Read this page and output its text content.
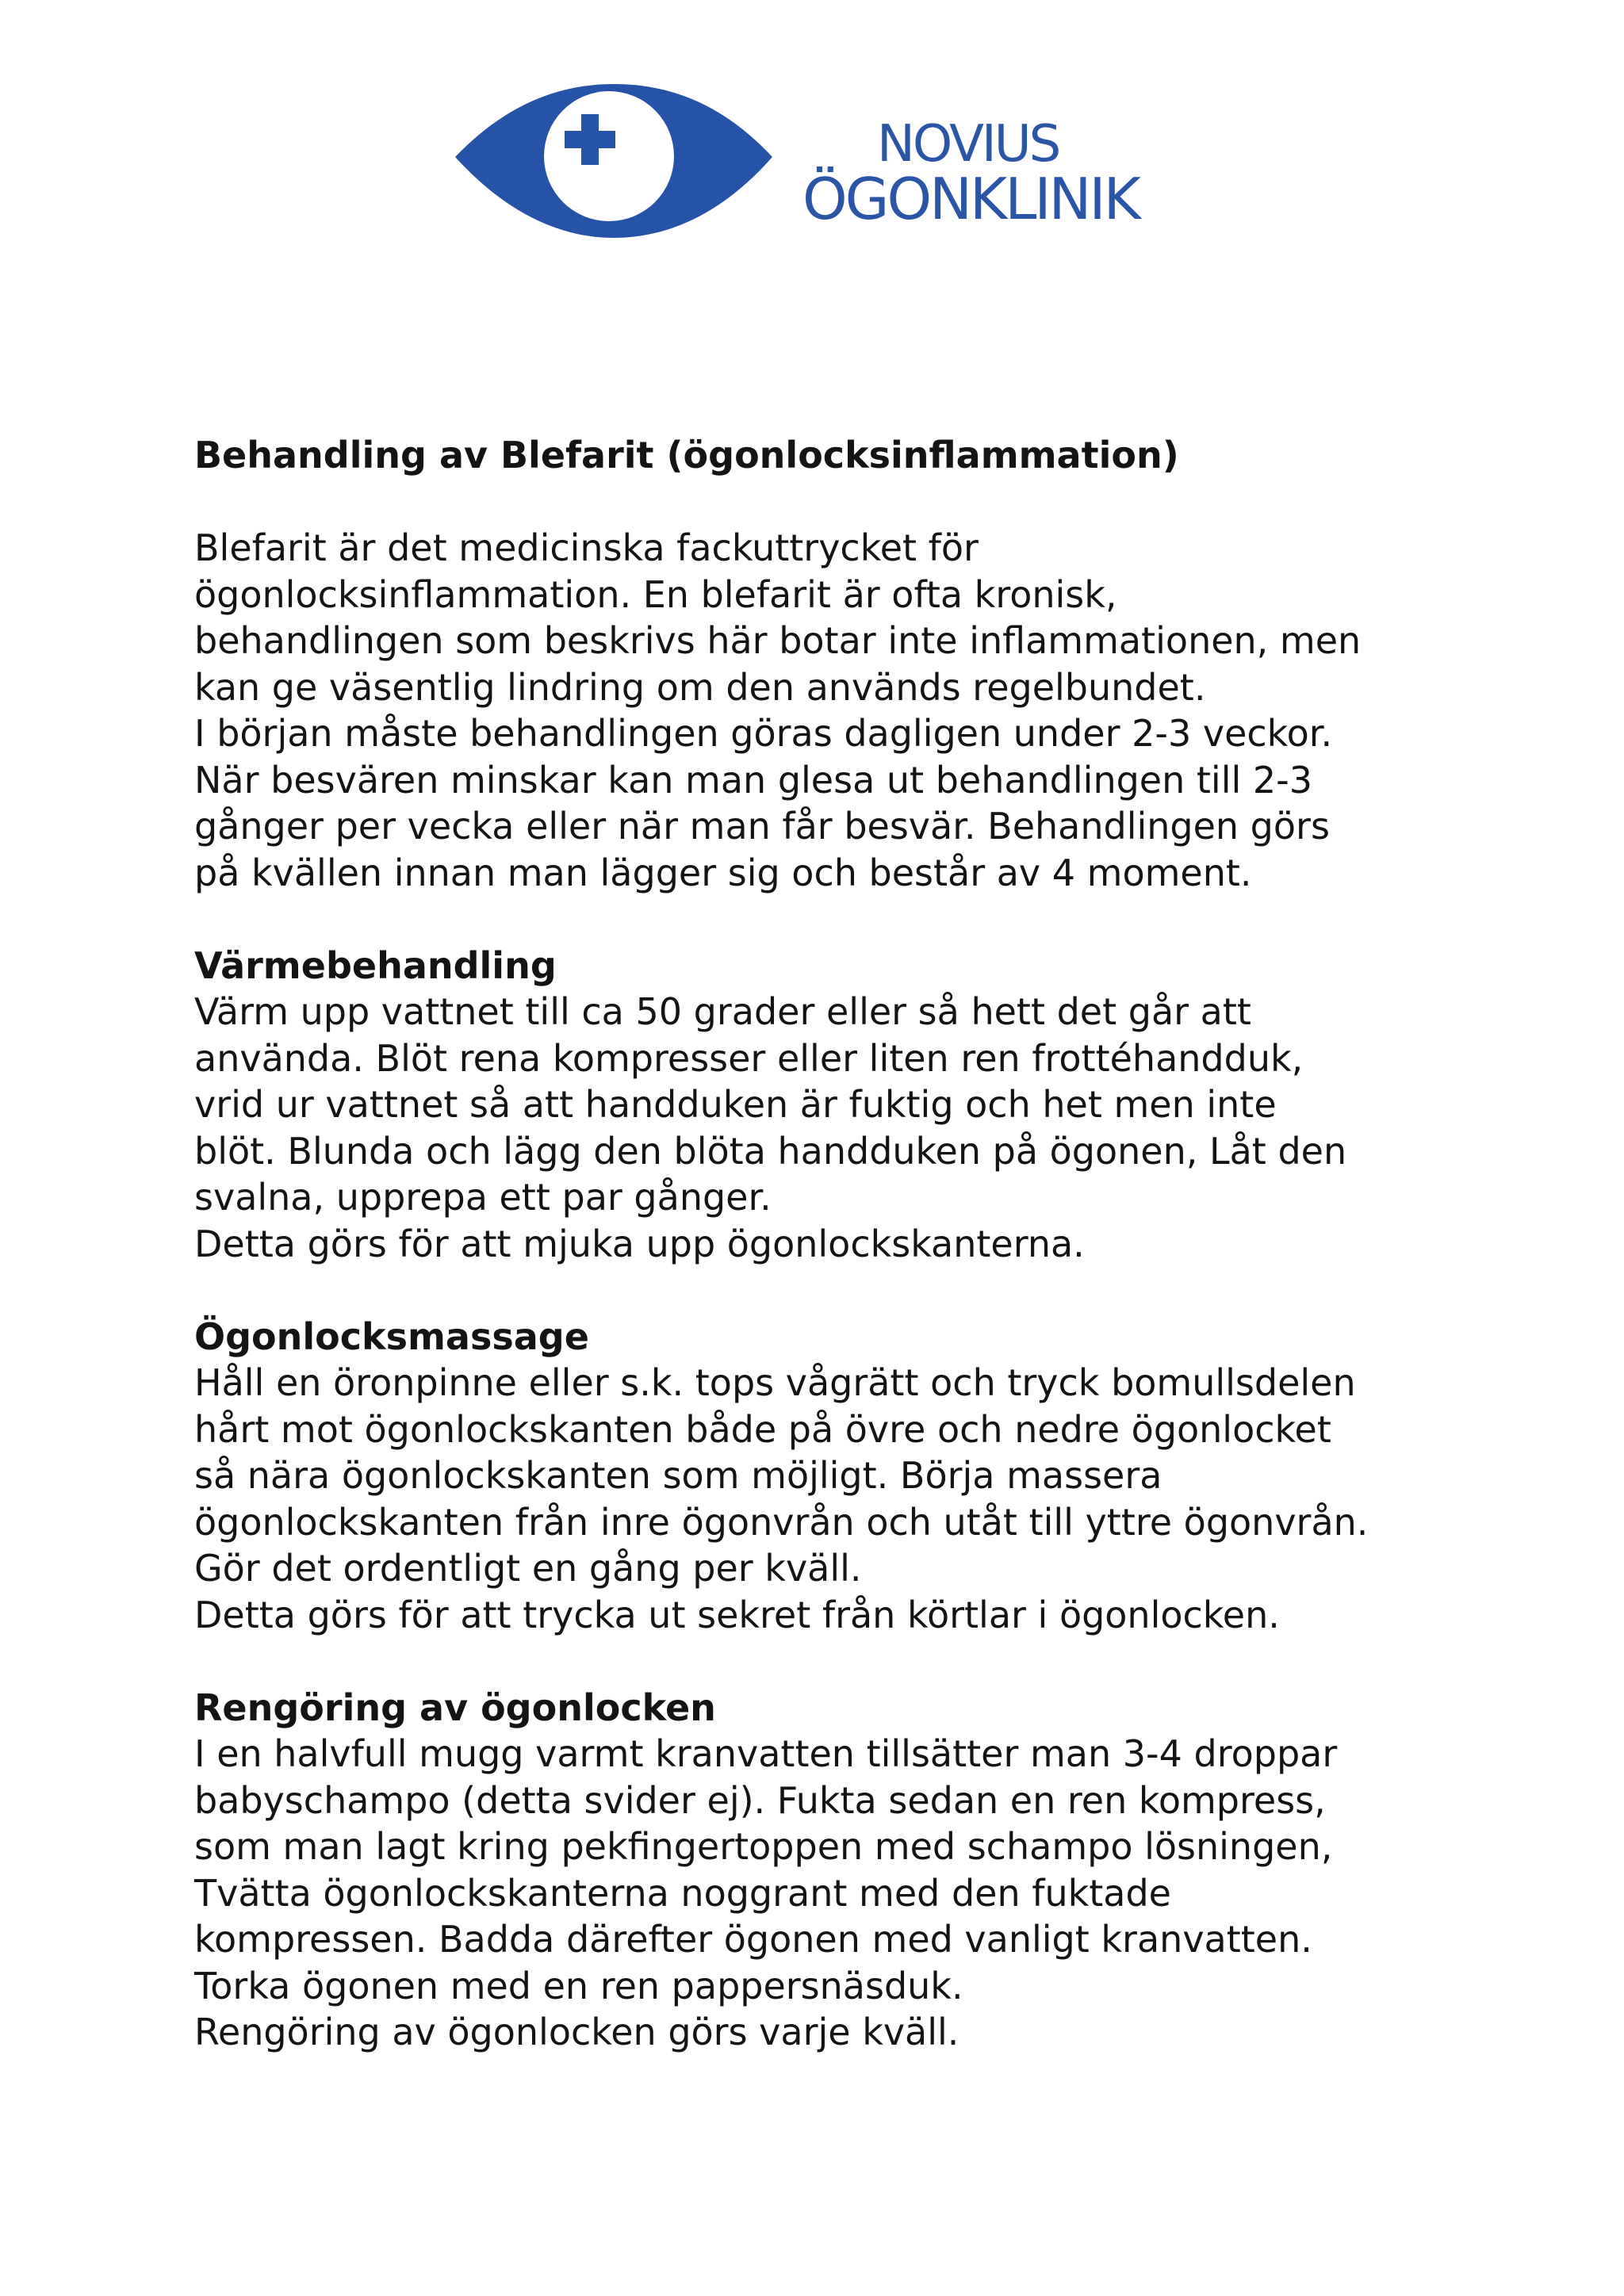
NOVIUS
ÖGONKLINIK
Behandling av Blefarit (ögonlocksinflammation)

Blefarit är det medicinska fackuttrycket för
ögonlocksinflammation. En blefarit är ofta kronisk,
behandlingen som beskrivs här botar inte inflammationen, men
kan ge väsentlig lindring om den används regelbundet.
I början måste behandlingen göras dagligen under 2-3 veckor.
När besvären minskar kan man glesa ut behandlingen till 2-3
gånger per vecka eller när man får besvär. Behandlingen görs
på kvällen innan man lägger sig och består av 4 moment.

Värmebehandling

Värm upp vattnet till ca 50 grader eller så hett det går att
använda. Blöt rena kompresser eller liten ren frottéhandduk,
vrid ur vattnet så att handduken är fuktig och het men inte
blöt. Blunda och lägg den blöta handduken på ögonen, Låt den
svalna, upprepa ett par gånger.
Detta görs för att mjuka upp ögonlockskanterna.

Ögonlocksmassage

Håll en öronpinne eller s.k. tops vågrätt och tryck bomullsdelen
hårt mot ögonlockskanten både på övre och nedre ögonlocket
så nära ögonlockskanten som möjligt. Börja massera
ögonlockskanten från inre ögonvrån och utåt till yttre ögonvrån.
Gör det ordentligt en gång per kväll.
Detta görs för att trycka ut sekret från körtlar i ögonlocken.

Rengöring av ögonlocken

I en halvfull mugg varmt kranvatten tillsätter man 3-4 droppar
babyschampo (detta svider ej). Fukta sedan en ren kompress,
som man lagt kring pekfingertoppen med schampo lösningen,
Tvätta ögonlockskanterna noggrant med den fuktade
kompressen. Badda därefter ögonen med vanligt kranvatten.
Torka ögonen med en ren pappersnäsduk.
Rengöring av ögonlocken görs varje kväll.
